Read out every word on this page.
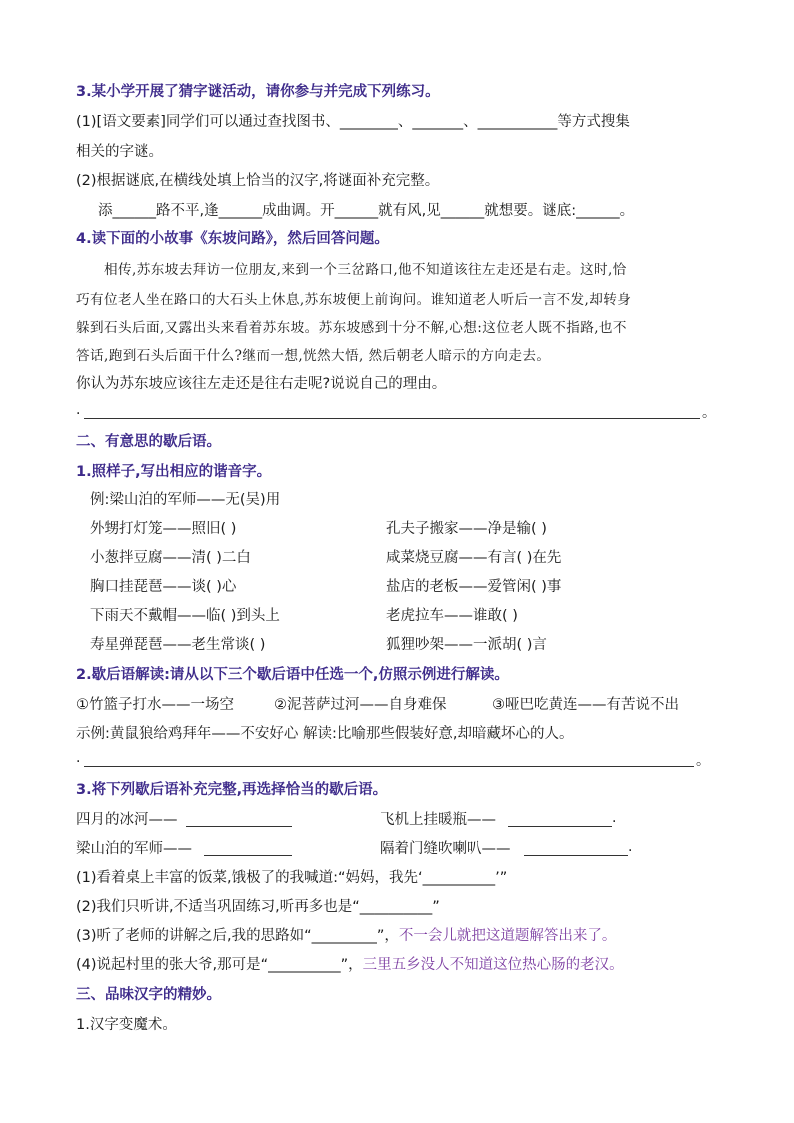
3.某小学开展了猜字谜活动，请你参与并完成下列练习。
(1)[语文要素]同学们可以通过查找图书、________、_______、___________等方式搜集
相关的字谜。
(2)根据谜底,在横线处填上恰当的汉字,将谜面补充完整。
添______路不平,逢______成曲调。开______就有风,见______就想要。谜底:______。
4.读下面的小故事《东坡问路》，然后回答问题。
相传,苏东坡去拜访一位朋友,来到一个三岔路口,他不知道该往左走还是右走。这时,恰
巧有位老人坐在路口的大石头上休息,苏东坡便上前询问。谁知道老人听后一言不发,却转身
躲到石头后面,又露出头来看着苏东坡。苏东坡感到十分不解,心想:这位老人既不指路,也不
答话,跑到石头后面干什么?继而一想,恍然大悟, 然后朝老人暗示的方向走去。
你认为苏东坡应该往左走还是往右走呢?说说自己的理由。
.	。
二、有意思的歇后语。
1.照样子,写出相应的谐音字。
例:梁山泊的军师——无(吴)用
外甥打灯笼——照旧( )	孔夫子搬家——净是输( )
小葱拌豆腐——清( )二白	咸菜烧豆腐——有言( )在先
胸口挂琵琶——谈( )心	盐店的老板——爱管闲( )事
下雨天不戴帽——临( )到头上	老虎拉车——谁敢( )
寿星弹琵琶——老生常谈( )	狐狸吵架——一派胡( )言
2.歇后语解读:请从以下三个歇后语中任选一个,仿照示例进行解读。
①竹篮子打水——一场空	②泥菩萨过河——自身难保	③哑巴吃黄连——有苦说不出
示例:黄鼠狼给鸡拜年——不安好心 解读:比喻那些假装好意,却暗藏坏心的人。
.	。
3.将下列歇后语补充完整,再选择恰当的歇后语。
四月的冰河——	飞机上挂暖瓶——	.
梁山泊的军师——	隔着门缝吹喇叭——	.
(1)看着桌上丰富的饭菜,饿极了的我喊道:“妈妈，我先‘__________’”
(2)我们只听讲,不适当巩固练习,听再多也是“__________”
(3)听了老师的讲解之后,我的思路如“_________”，不一会儿就把这道题解答出来了。
(4)说起村里的张大爷,那可是“__________”，三里五乡没人不知道这位热心肠的老汉。
三、品味汉字的精妙。
1.汉字变魔术。
